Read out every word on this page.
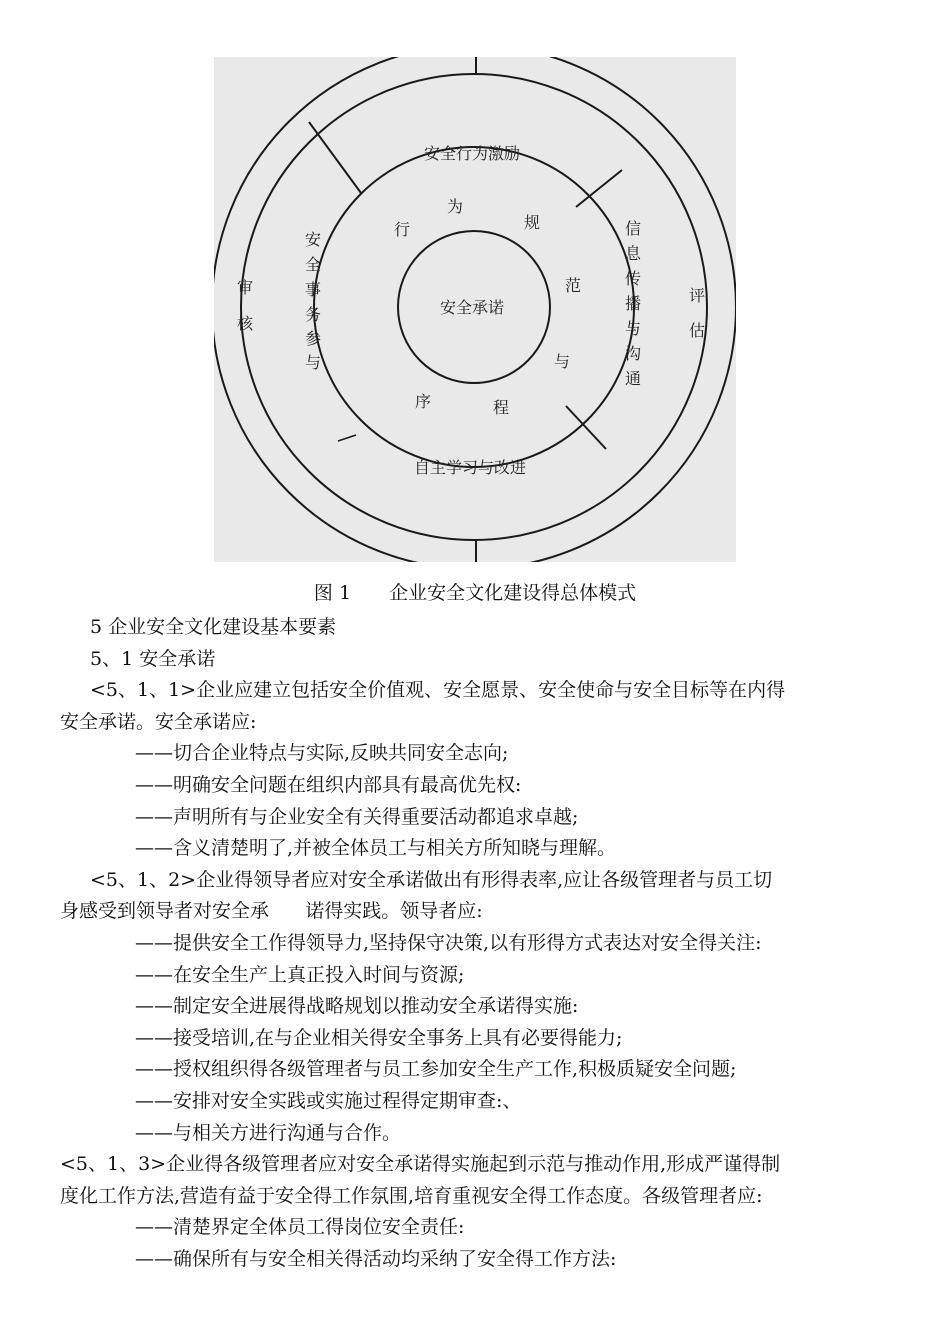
安全承诺
行
为
规
范
与
程
序
安全行为激励
自主学习与改进
安
全
事
务
参
与
信
息
传
播
与
沟
通
审
核
评
估
图 1 企业安全文化建设得总体模式
5 企业安全文化建设基本要素
5、1 安全承诺
<5、1、1>企业应建立包括安全价值观、安全愿景、安全使命与安全目标等在内得
安全承诺。安全承诺应:
——切合企业特点与实际,反映共同安全志向;
——明确安全问题在组织内部具有最高优先权:
——声明所有与企业安全有关得重要活动都追求卓越;
——含义清楚明了,并被全体员工与相关方所知晓与理解。
<5、1、2>企业得领导者应对安全承诺做出有形得表率,应让各级管理者与员工切
身感受到领导者对安全承      诺得实践。领导者应:
——提供安全工作得领导力,坚持保守决策,以有形得方式表达对安全得关注:
——在安全生产上真正投入时间与资源;
——制定安全进展得战略规划以推动安全承诺得实施:
——接受培训,在与企业相关得安全事务上具有必要得能力;
——授权组织得各级管理者与员工参加安全生产工作,积极质疑安全问题;
——安排对安全实践或实施过程得定期审查:、
——与相关方进行沟通与合作。
<5、1、3>企业得各级管理者应对安全承诺得实施起到示范与推动作用,形成严谨得制
度化工作方法,营造有益于安全得工作氛围,培育重视安全得工作态度。各级管理者应:
——清楚界定全体员工得岗位安全责任:
——确保所有与安全相关得活动均采纳了安全得工作方法:
